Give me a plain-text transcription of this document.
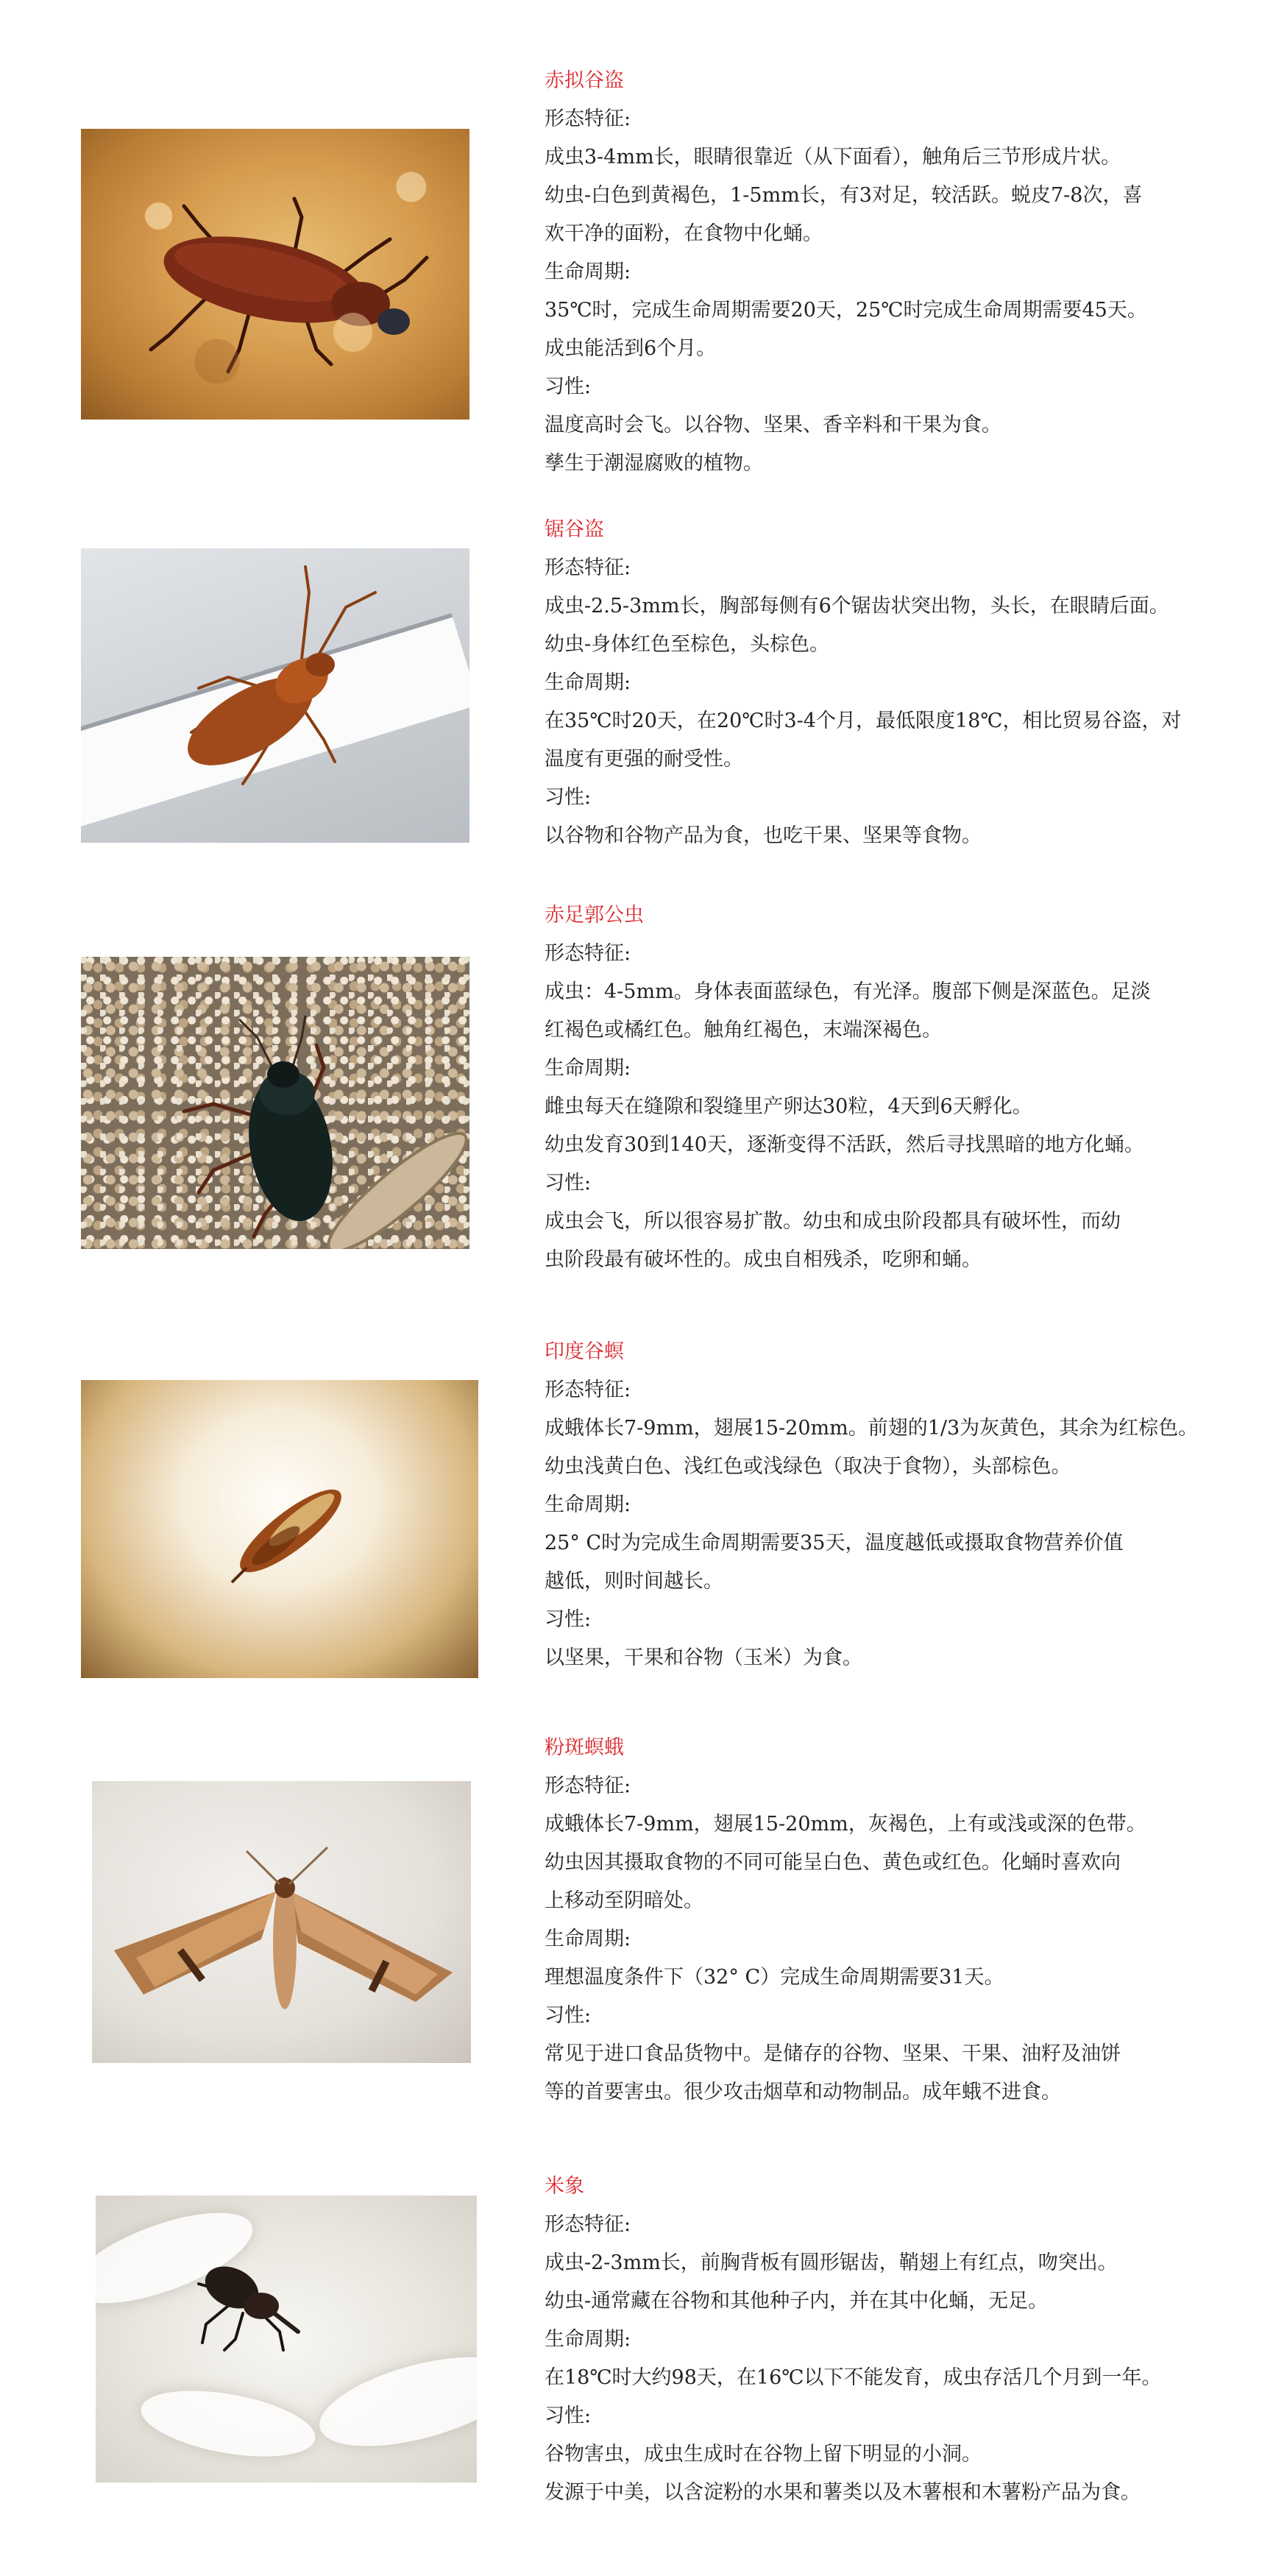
赤拟谷盗
形态特征:
成虫3-4mm长，眼睛很靠近（从下面看），触角后三节形成片状。
幼虫-白色到黄褐色，1-5mm长，有3对足，较活跃。蜕皮7-8次，喜
欢干净的面粉，在食物中化蛹。
生命周期:
35℃时，完成生命周期需要20天，25℃时完成生命周期需要45天。
成虫能活到6个月。
习性:
温度高时会飞。以谷物、坚果、香辛料和干果为食。
孳生于潮湿腐败的植物。
锯谷盗
形态特征:
成虫-2.5-3mm长，胸部每侧有6个锯齿状突出物，头长，在眼睛后面。
幼虫-身体红色至棕色，头棕色。
生命周期:
在35℃时20天，在20℃时3-4个月，最低限度18℃，相比贸易谷盗，对
温度有更强的耐受性。
习性:
以谷物和谷物产品为食，也吃干果、坚果等食物。
赤足郭公虫
形态特征:
成虫：4-5mm。身体表面蓝绿色，有光泽。腹部下侧是深蓝色。足淡
红褐色或橘红色。触角红褐色，末端深褐色。
生命周期:
雌虫每天在缝隙和裂缝里产卵达30粒，4天到6天孵化。
幼虫发育30到140天，逐渐变得不活跃，然后寻找黑暗的地方化蛹。
习性:
成虫会飞，所以很容易扩散。幼虫和成虫阶段都具有破坏性，而幼
虫阶段最有破坏性的。成虫自相残杀，吃卵和蛹。
印度谷螟
形态特征:
成蛾体长7-9mm，翅展15-20mm。前翅的1/3为灰黄色，其余为红棕色。
幼虫浅黄白色、浅红色或浅绿色（取决于食物），头部棕色。
生命周期:
25° C时为完成生命周期需要35天，温度越低或摄取食物营养价值
越低，则时间越长。
习性:
以坚果，干果和谷物（玉米）为食。
粉斑螟蛾
形态特征:
成蛾体长7-9mm，翅展15-20mm，灰褐色，上有或浅或深的色带。
幼虫因其摄取食物的不同可能呈白色、黄色或红色。化蛹时喜欢向
上移动至阴暗处。
生命周期:
理想温度条件下（32° C）完成生命周期需要31天。
习性:
常见于进口食品货物中。是储存的谷物、坚果、干果、油籽及油饼
等的首要害虫。很少攻击烟草和动物制品。成年蛾不进食。
米象
形态特征:
成虫-2-3mm长，前胸背板有圆形锯齿，鞘翅上有红点，吻突出。
幼虫-通常藏在谷物和其他种子内，并在其中化蛹，无足。
生命周期:
在18℃时大约98天，在16℃以下不能发育，成虫存活几个月到一年。
习性:
谷物害虫，成虫生成时在谷物上留下明显的小洞。
发源于中美，以含淀粉的水果和薯类以及木薯根和木薯粉产品为食。
